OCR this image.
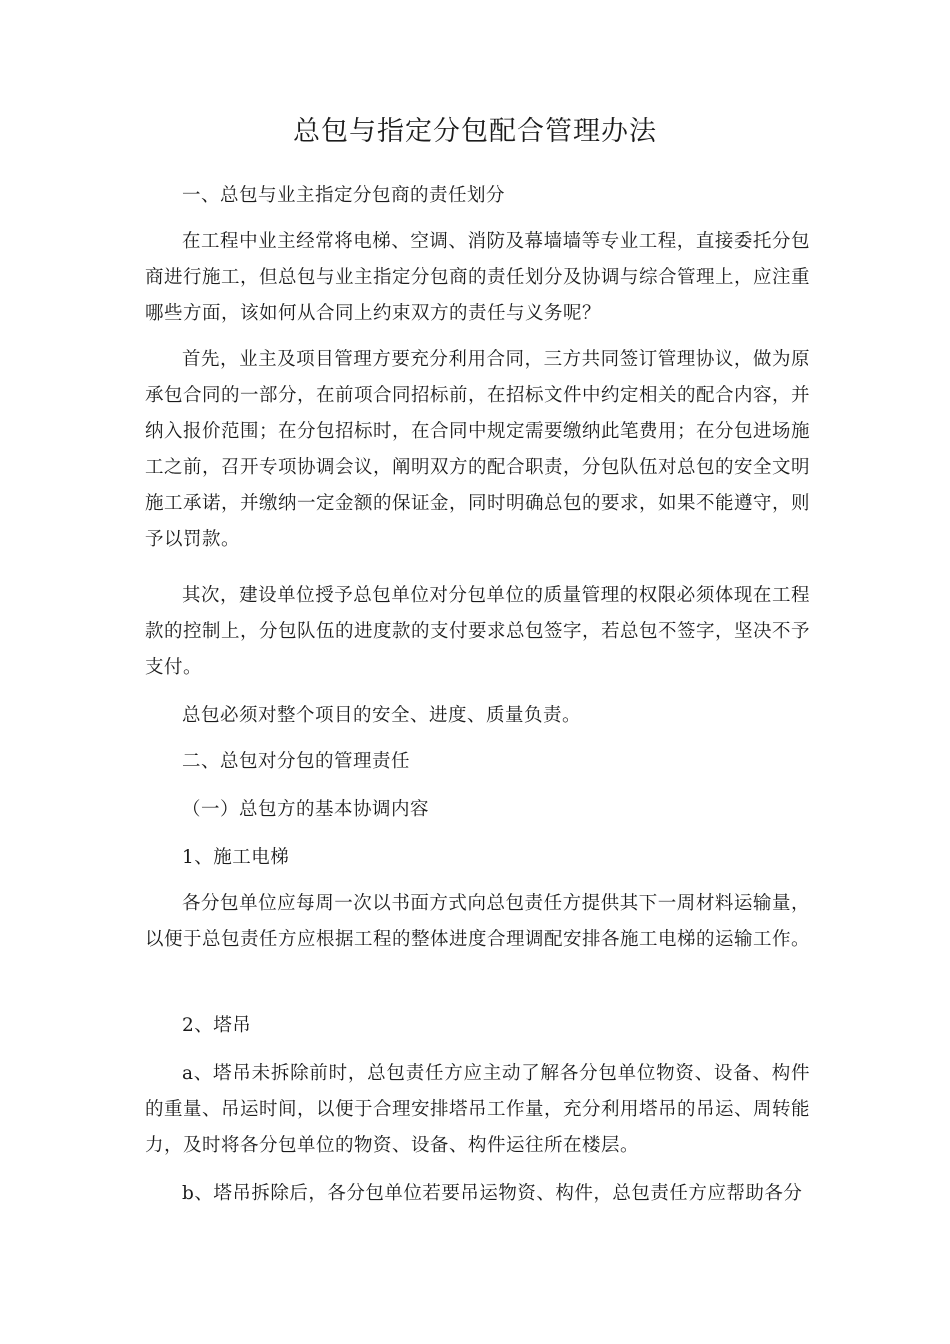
总包与指定分包配合管理办法

一、总包与业主指定分包商的责任划分

在工程中业主经常将电梯、空调、消防及幕墙墙等专业工程，直接委托分包商进行施工，但总包与业主指定分包商的责任划分及协调与综合管理上，应注重哪些方面，该如何从合同上约束双方的责任与义务呢？

首先，业主及项目管理方要充分利用合同，三方共同签订管理协议，做为原承包合同的一部分，在前项合同招标前，在招标文件中约定相关的配合内容，并纳入报价范围；在分包招标时，在合同中规定需要缴纳此笔费用；在分包进场施工之前，召开专项协调会议，阐明双方的配合职责，分包队伍对总包的安全文明施工承诺，并缴纳一定金额的保证金，同时明确总包的要求，如果不能遵守，则予以罚款。

其次，建设单位授予总包单位对分包单位的质量管理的权限必须体现在工程款的控制上，分包队伍的进度款的支付要求总包签字，若总包不签字，坚决不予支付。

总包必须对整个项目的安全、进度、质量负责。

二、总包对分包的管理责任

（一）总包方的基本协调内容

1、施工电梯

各分包单位应每周一次以书面方式向总包责任方提供其下一周材料运输量，以便于总包责任方应根据工程的整体进度合理调配安排各施工电梯的运输工作。

2、塔吊

a、塔吊未拆除前时，总包责任方应主动了解各分包单位物资、设备、构件的重量、吊运时间，以便于合理安排塔吊工作量，充分利用塔吊的吊运、周转能力，及时将各分包单位的物资、设备、构件运往所在楼层。

b、塔吊拆除后，各分包单位若要吊运物资、构件，总包责任方应帮助各分
